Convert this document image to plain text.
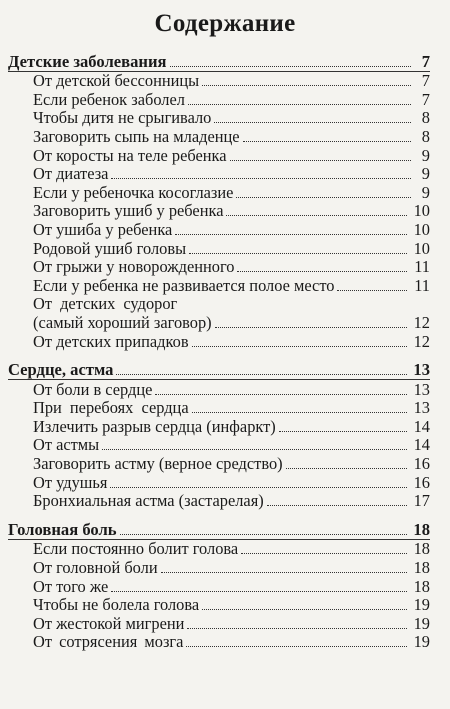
Содержание
Детские заболевания	7
От детской бессонницы	7
Если ребенок заболел	7
Чтобы дитя не срыгивало	8
Заговорить сыпь на младенце	8
От коросты на теле ребенка	9
От диатеза	9
Если у ребеночка косоглазие	9
Заговорить ушиб у ребенка	10
От ушиба у ребенка	10
Родовой ушиб головы	10
От грыжи у новорожденного	11
Если у ребенка не развивается полое место	11
От детских судорог
(самый хороший заговор)	12
От детских припадков	12
Сердце, астма	13
От боли в сердце	13
При перебоях сердца	13
Излечить разрыв сердца (инфаркт)	14
От астмы	14
Заговорить астму (верное средство)	16
От удушья	16
Бронхиальная астма (застарелая)	17
Головная боль	18
Если постоянно болит голова	18
От головной боли	18
От того же	18
Чтобы не болела голова	19
От жестокой мигрени	19
От сотрясения мозга	19
